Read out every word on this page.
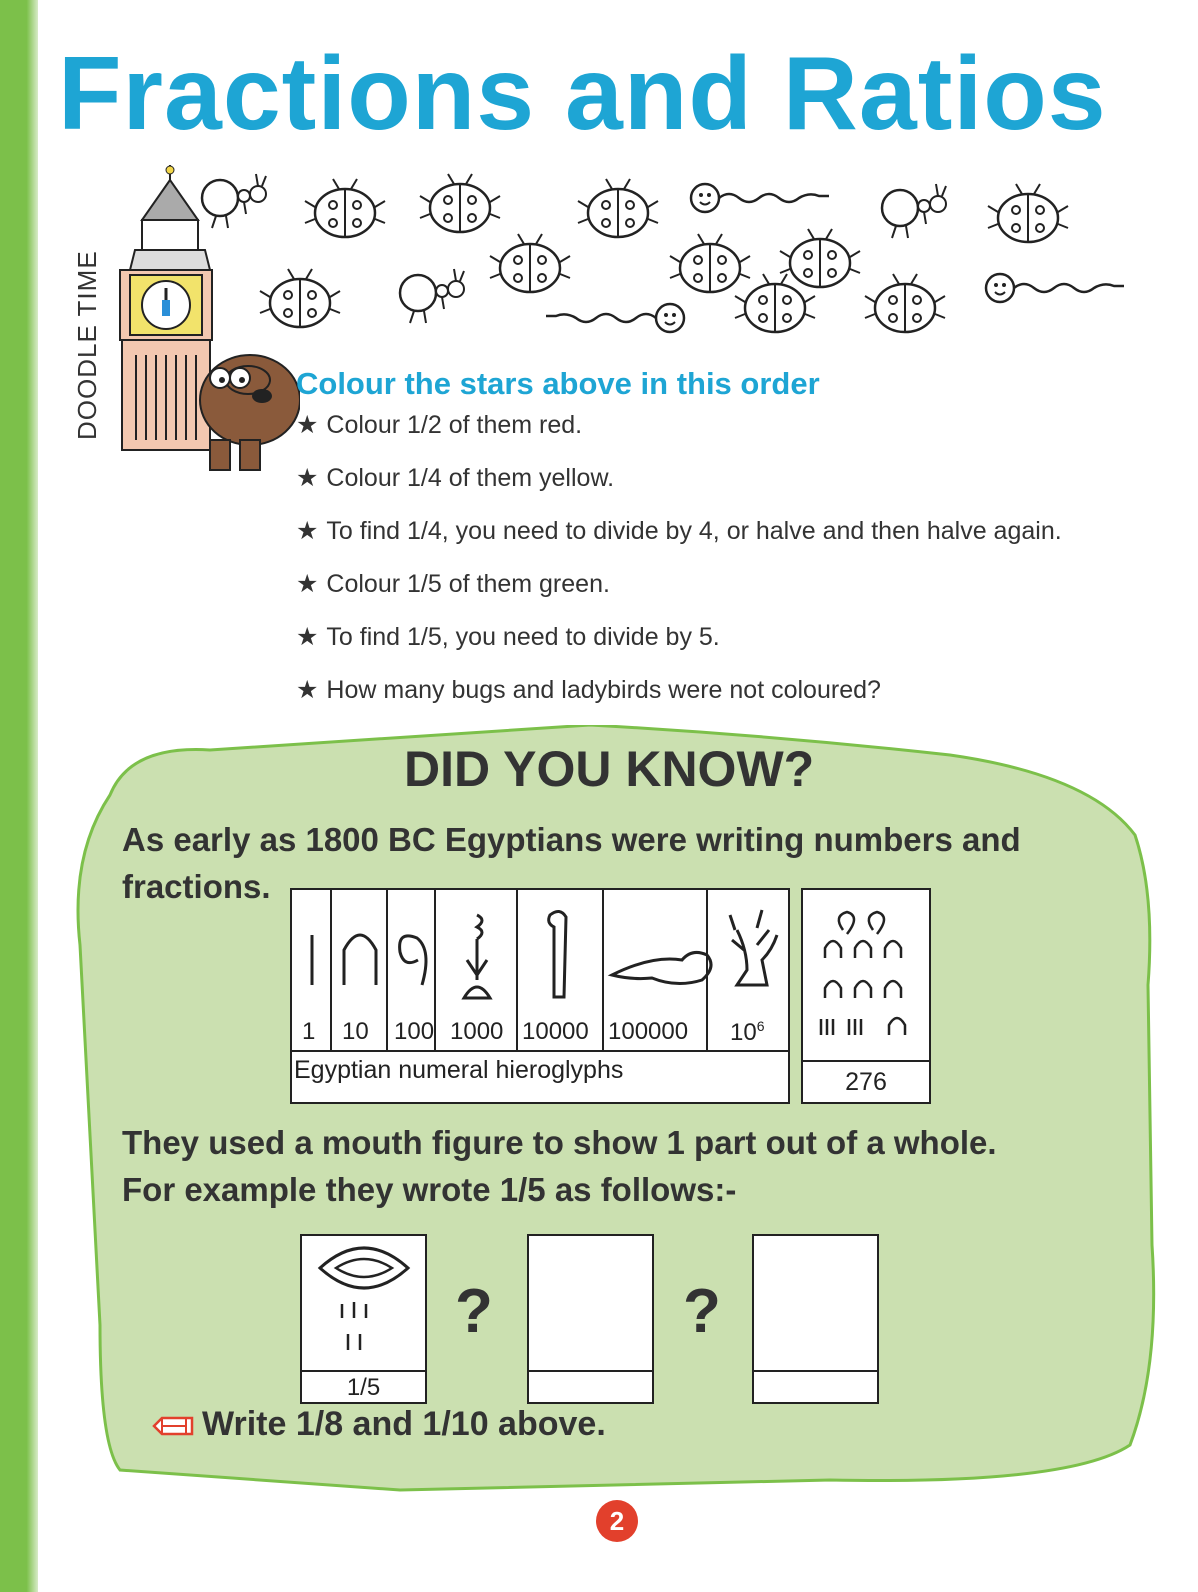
Fractions and Ratios
DOODLE TIME	Colour the stars above in this order
★ Colour 1/2 of them red.
★ Colour 1/4 of them yellow.
★ To find 1/4, you need to divide by 4, or halve and then halve again.
★ Colour 1/5 of them green.
★ To find 1/5, you need to divide by 5.
★ How many bugs and ladybirds were not coloured?
DID YOU KNOW?
As early as 1800 BC Egyptians were writing numbers and
fractions.
1 10 100 1000 10000 100000 $10^6$
Egyptian numeral hieroglyphs	276
They used a mouth figure to show 1 part out of a whole.
For example they wrote 1/5 as follows:-
1/5
?	?
Write 1/8 and 1/10 above.
2
